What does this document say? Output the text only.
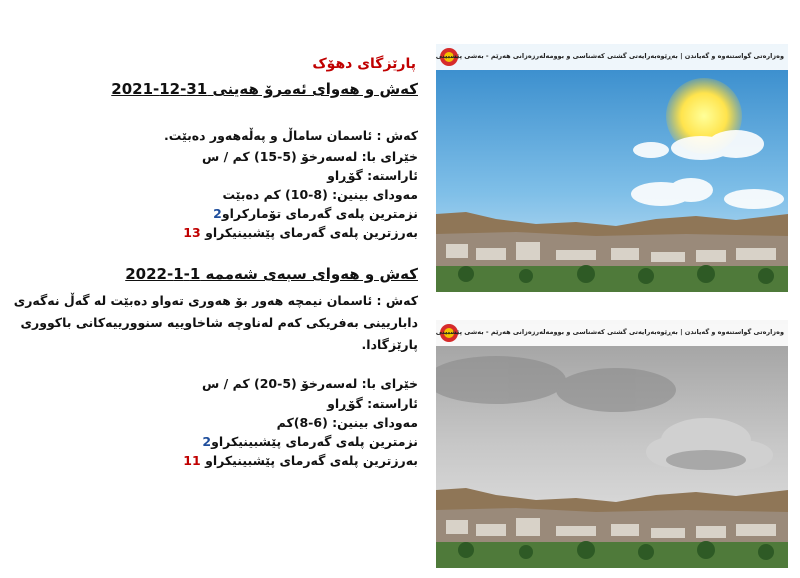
پارێزگای دهۆک
كەش و هەوای ئەمرۆ هەینی 31-12-2021
كەش : ئاسمان ساماڵ و پەڵەهەور دەبێت.
خێرای با: لەسەرخۆ (5-15) كم / س
ئاراستە: گۆڕاو
مەودای بینین: (8-10) كم دەبێت
نزمترین پلەی گەرمای تۆماركراو2
بەرزترین پلەی گەرمای پێشبینیكراو 13
كەش و هەوای سبەی شەممە 1-1-2022
كەش : ئاسمان نیمچە هەور بۆ هەوری تەواو دەبێت لە گەڵ نەگەری داباریینی بەفریكی كەم لەناوچە شاخاوییە سنوورییەكانی باكووری پارێزگادا.
خێرای با: لەسەرخۆ (5-20) كم / س
ئاراستە: گۆڕاو
مەودای بینین: (6-8)كم
نزمترین پلەی گەرمای پێشبینیكراو2
بەرزترین پلەی گەرمای پێشبینیكراو 11
وەزارەتی گواستنەوە و گەیاندن | بەڕێوەبەرایەتی گشتی كەشناسی و بوومەلەرزەزانی هەرێم - بەشی پێشبینی
وەزارەتی گواستنەوە و گەیاندن | بەڕێوەبەرایەتی گشتی كەشناسی و بوومەلەرزەزانی هەرێم - بەشی پێشبینی
